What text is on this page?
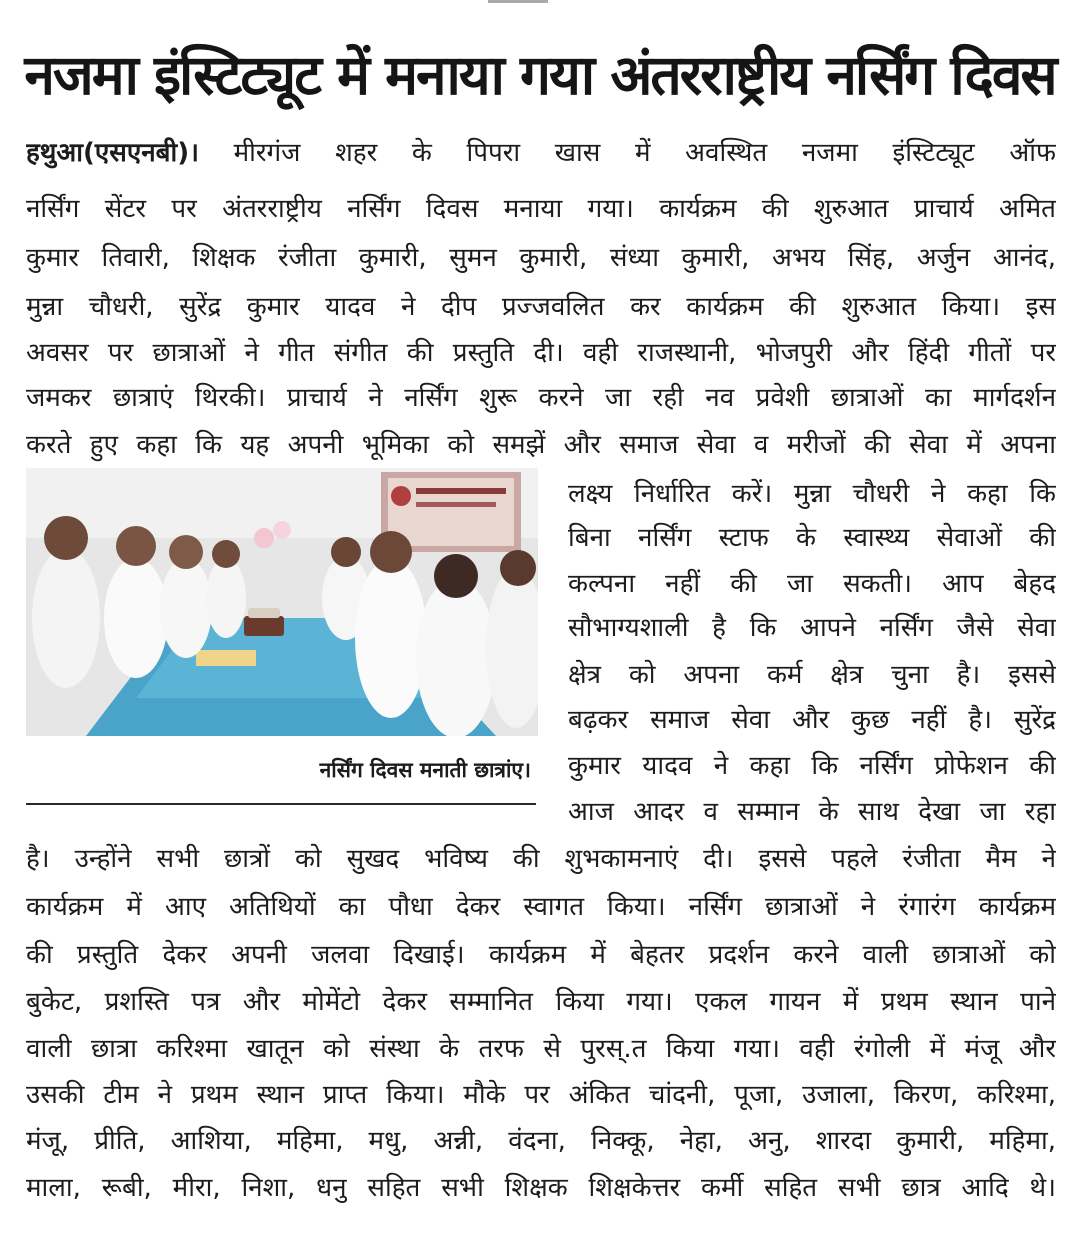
नजमा इंस्टिट्यूट में मनाया गया अंतरराष्ट्रीय नर्सिंग दिवस
हथुआ(एसएनबी)। मीरगंज शहर के पिपरा खास में अवस्थित नजमा इंस्टिट्यूट ऑफ
नर्सिंग सेंटर पर अंतरराष्ट्रीय नर्सिंग दिवस मनाया गया। कार्यक्रम की शुरुआत प्राचार्य अमित
कुमार तिवारी, शिक्षक रंजीता कुमारी, सुमन कुमारी, संध्या कुमारी, अभय सिंह, अर्जुन आनंद,
मुन्ना चौधरी, सुरेंद्र कुमार यादव ने दीप प्रज्जवलित कर कार्यक्रम की शुरुआत किया। इस
अवसर पर छात्राओं ने गीत संगीत की प्रस्तुति दी। वही राजस्थानी, भोजपुरी और हिंदी गीतों पर
जमकर छात्राएं थिरकी। प्राचार्य ने नर्सिंग शुरू करने जा रही नव प्रवेशी छात्राओं का मार्गदर्शन
करते हुए कहा कि यह अपनी भूमिका को समझें और समाज सेवा व मरीजों की सेवा में अपना
लक्ष्य निर्धारित करें। मुन्ना चौधरी ने कहा कि
बिना नर्सिंग स्टाफ के स्वास्थ्य सेवाओं की
कल्पना नहीं की जा सकती। आप बेहद
सौभाग्यशाली है कि आपने नर्सिंग जैसे सेवा
क्षेत्र को अपना कर्म क्षेत्र चुना है। इससे
बढ़कर समाज सेवा और कुछ नहीं है। सुरेंद्र
कुमार यादव ने कहा कि नर्सिंग प्रोफेशन की
आज आदर व सम्मान के साथ देखा जा रहा
नर्सिंग दिवस मनाती छात्रांए।
है। उन्होंने सभी छात्रों को सुखद भविष्य की शुभकामनाएं दी। इससे पहले रंजीता मैम ने
कार्यक्रम में आए अतिथियों का पौधा देकर स्वागत किया। नर्सिंग छात्राओं ने रंगारंग कार्यक्रम
की प्रस्तुति देकर अपनी जलवा दिखाई। कार्यक्रम में बेहतर प्रदर्शन करने वाली छात्राओं को
बुकेट, प्रशस्ति पत्र और मोमेंटो देकर सम्मानित किया गया। एकल गायन में प्रथम स्थान पाने
वाली छात्रा करिश्मा खातून को संस्था के तरफ से पुरस्.त किया गया। वही रंगोली में मंजू और
उसकी टीम ने प्रथम स्थान प्राप्त किया। मौके पर अंकित चांदनी, पूजा, उजाला, किरण, करिश्मा,
मंजू, प्रीति, आशिया, महिमा, मधु, अन्नी, वंदना, निक्कू, नेहा, अनु, शारदा कुमारी, महिमा,
माला, रूबी, मीरा, निशा, धनु सहित सभी शिक्षक शिक्षकेत्तर कर्मी सहित सभी छात्र आदि थे।
